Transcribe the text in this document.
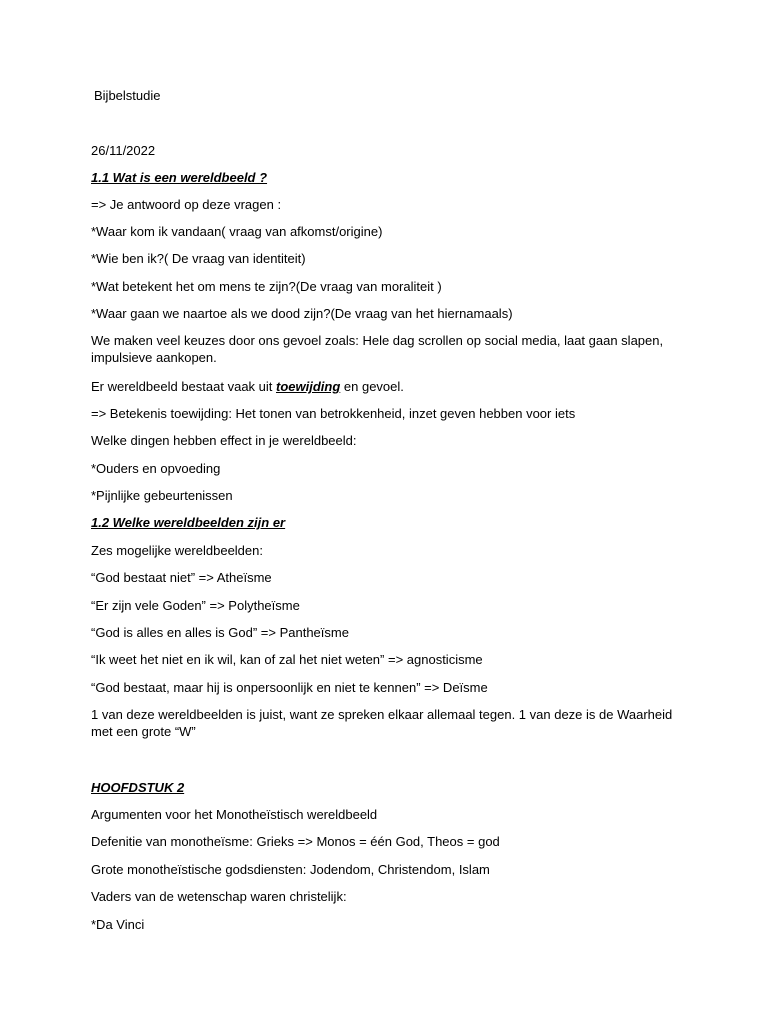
Bijbelstudie
26/11/2022
1.1 Wat is een wereldbeeld ?
=> Je antwoord op deze vragen :
*Waar kom ik vandaan( vraag van afkomst/origine)
*Wie ben ik?( De vraag van identiteit)
*Wat betekent het om mens te zijn?(De vraag van moraliteit )
*Waar gaan we naartoe als we dood zijn?(De vraag van het hiernamaals)
We maken veel keuzes door ons gevoel zoals: Hele dag scrollen op social media, laat gaan slapen, impulsieve aankopen.
Er wereldbeeld bestaat vaak uit toewijding en gevoel.
=> Betekenis toewijding: Het tonen van betrokkenheid, inzet geven hebben voor iets
Welke dingen hebben effect in je wereldbeeld:
*Ouders en opvoeding
*Pijnlijke gebeurtenissen
1.2 Welke wereldbeelden zijn er
Zes mogelijke wereldbeelden:
“God bestaat niet” => Atheïsme
“Er zijn vele Goden” => Polytheïsme
“God is alles en alles is God” => Pantheïsme
“Ik weet het niet en ik wil, kan of zal het niet weten” => agnosticisme
“God bestaat, maar hij is onpersoonlijk en niet te kennen” => Deïsme
1 van deze wereldbeelden is juist, want ze spreken elkaar allemaal tegen. 1 van deze is de Waarheid met een grote “W”
HOOFDSTUK 2
Argumenten voor het Monotheïstisch wereldbeeld
Defenitie van monotheïsme: Grieks => Monos = één God, Theos = god
Grote monotheïstische godsdiensten: Jodendom, Christendom, Islam
Vaders van de wetenschap waren christelijk:
*Da Vinci
